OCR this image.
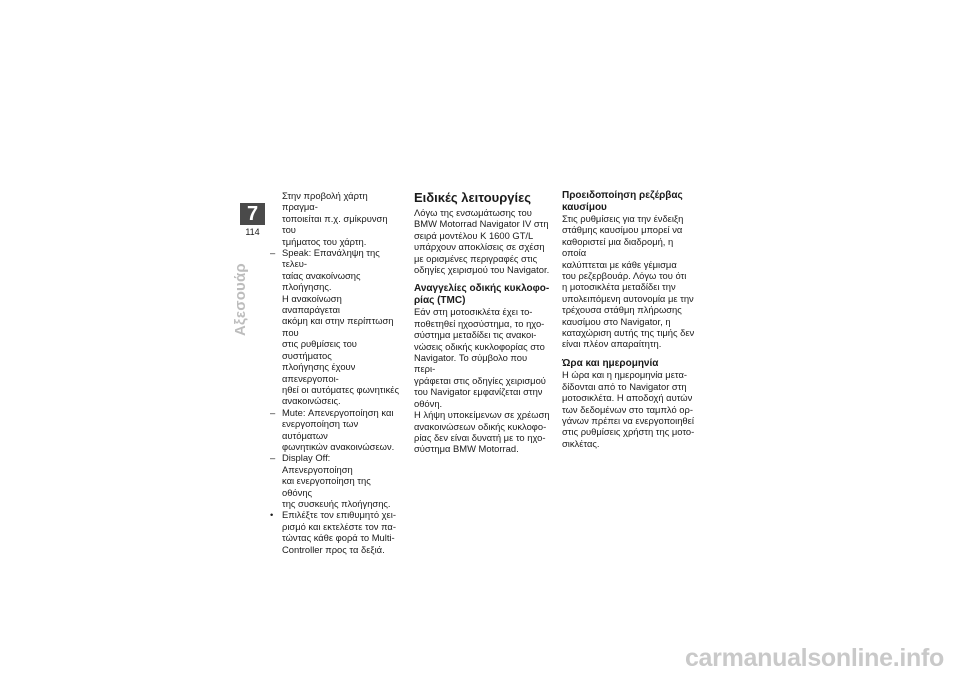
7
114
Αξεσουάρ

Στην προβολή χάρτη πραγμα-

τοποιείται π.χ. σμίκρυνση του

τμήματος του χάρτη.

– Speak: Επανάληψη της τελευ-

ταίας ανακοίνωσης πλοήγησης.

Η ανακοίνωση αναπαράγεται

ακόμη και στην περίπτωση που

στις ρυθμίσεις του συστήματος

πλοήγησης έχουν απενεργοποι-

ηθεί οι αυτόματες φωνητικές

ανακοινώσεις.

– Mute: Απενεργοποίηση και

ενεργοποίηση των αυτόματων

φωνητικών ανακοινώσεων.

– Display Off: Απενεργοποίηση

και ενεργοποίηση της οθόνης

της συσκευής πλοήγησης.

• Επιλέξτε τον επιθυμητό χει-

ρισμό και εκτελέστε τον πα-

τώντας κάθε φορά το Multi-

Controller προς τα δεξιά.

Ειδικές λειτουργίες

Λόγω της ενσωμάτωσης του

BMW Motorrad Navigator IV στη

σειρά μοντέλου K 1600 GT/L

υπάρχουν αποκλίσεις σε σχέση

με ορισμένες περιγραφές στις

οδηγίες χειρισμού του Navigator.

Αναγγελίες οδικής κυκλοφο-
ρίας (TMC)

Εάν στη μοτοσικλέτα έχει το-

ποθετηθεί ηχοσύστημα, το ηχο-

σύστημα μεταδίδει τις ανακοι-

νώσεις οδικής κυκλοφορίας στο

Navigator. Το σύμβολο που περι-

γράφεται στις οδηγίες χειρισμού

του Navigator εμφανίζεται στην

οθόνη.

Η λήψη υποκείμενων σε χρέωση

ανακοινώσεων οδικής κυκλοφο-

ρίας δεν είναι δυνατή με το ηχο-

σύστημα BMW Motorrad.

Προειδοποίηση ρεζέρβας
καυσίμου

Στις ρυθμίσεις για την ένδειξη

στάθμης καυσίμου μπορεί να

καθοριστεί μια διαδρομή, η οποία

καλύπτεται με κάθε γέμισμα

του ρεζερβουάρ. Λόγω του ότι

η μοτοσικλέτα μεταδίδει την

υπολειπόμενη αυτονομία με την

τρέχουσα στάθμη πλήρωσης

καυσίμου στο Navigator, η

καταχώριση αυτής της τιμής δεν

είναι πλέον απαραίτητη.

Ώρα και ημερομηνία

Η ώρα και η ημερομηνία μετα-

δίδονται από το Navigator στη

μοτοσικλέτα. Η αποδοχή αυτών

των δεδομένων στο ταμπλό ορ-

γάνων πρέπει να ενεργοποιηθεί

στις ρυθμίσεις χρήστη της μοτο-

σικλέτας.

carmanualsonline.info
